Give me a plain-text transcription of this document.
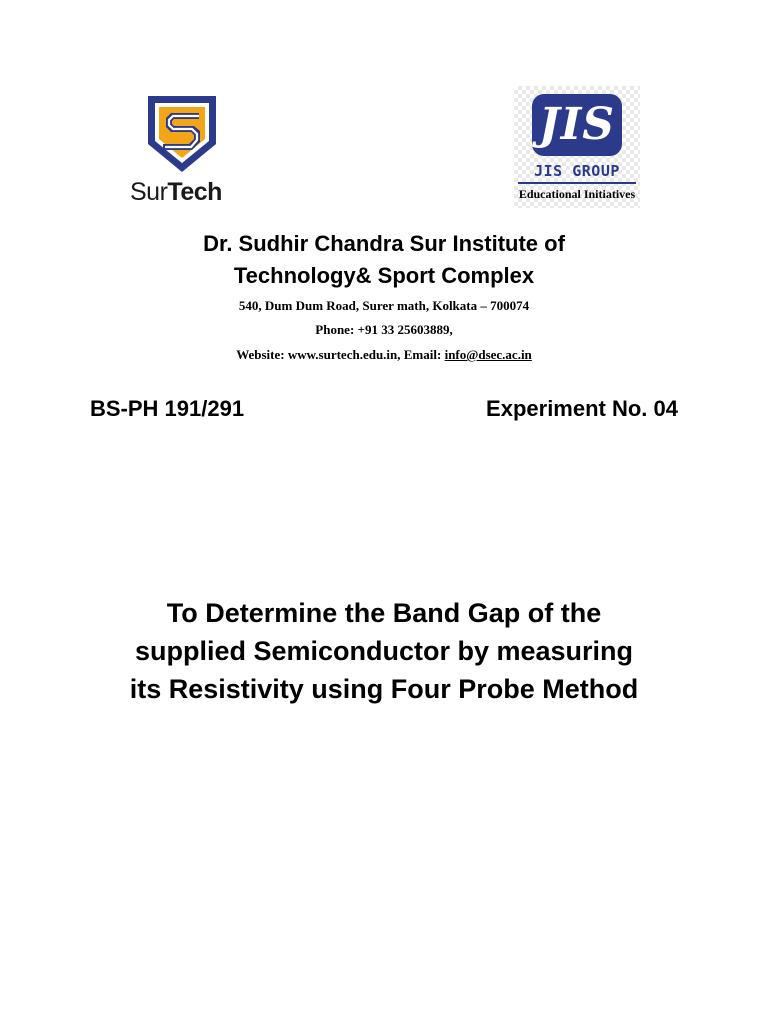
SurTech
JIS
JIS GROUP
Educational Initiatives
Dr. Sudhir Chandra Sur Institute of
Technology& Sport Complex
540, Dum Dum Road, Surer math, Kolkata – 700074
Phone: +91 33 25603889,
Website: www.surtech.edu.in, Email: info@dsec.ac.in
BS-PH 191/291	Experiment No. 04
To Determine the Band Gap of the
supplied Semiconductor by measuring
its Resistivity using Four Probe Method
